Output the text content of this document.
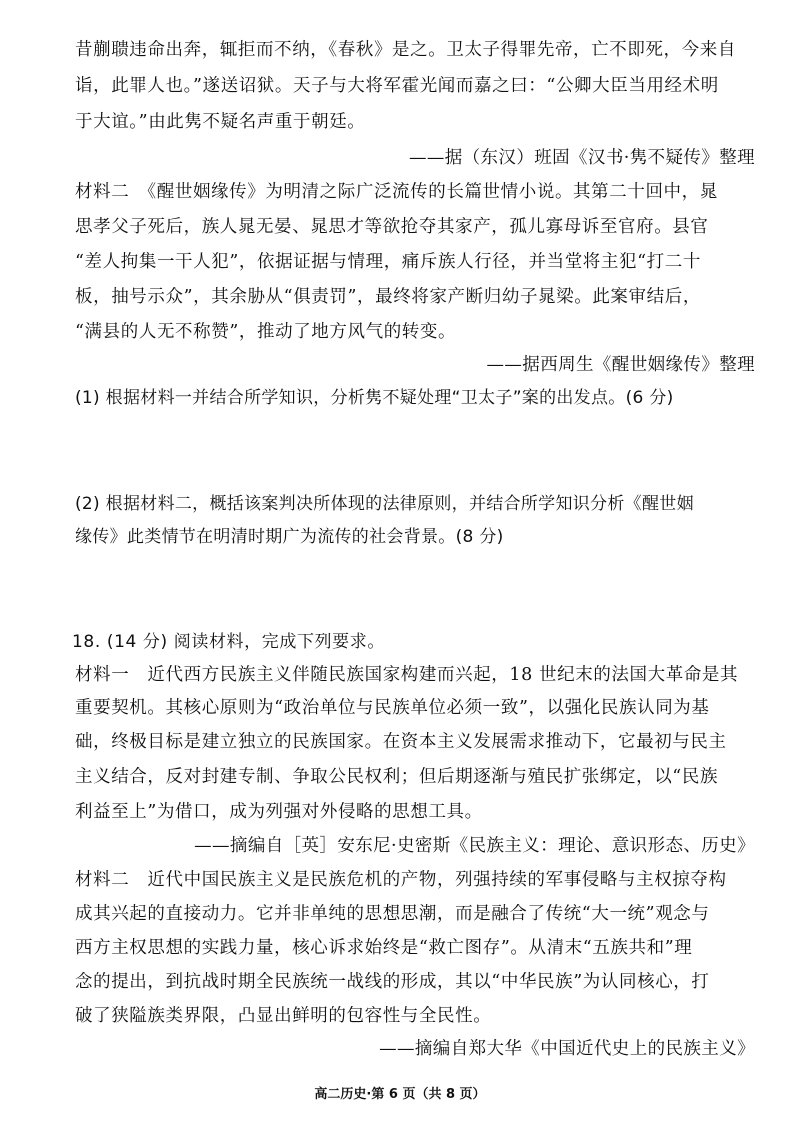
昔蒯聩违命出奔，辄拒而不纳，《春秋》是之。卫太子得罪先帝，亡不即死，今来自
诣，此罪人也。”遂送诏狱。天子与大将军霍光闻而嘉之曰：“公卿大臣当用经术明
于大谊。”由此隽不疑名声重于朝廷。
——据（东汉）班固《汉书·隽不疑传》整理
材料二　《醒世姻缘传》为明清之际广泛流传的长篇世情小说。其第二十回中，晁
思孝父子死后，族人晁无晏、晁思才等欲抢夺其家产，孤儿寡母诉至官府。县官
“差人拘集一干人犯”，依据证据与情理，痛斥族人行径，并当堂将主犯“打二十
板，抽号示众”，其余胁从“俱责罚”，最终将家产断归幼子晁梁。此案审结后，
“满县的人无不称赞”，推动了地方风气的转变。
——据西周生《醒世姻缘传》整理
(1) 根据材料一并结合所学知识，分析隽不疑处理“卫太子”案的出发点。(6 分)
(2) 根据材料二，概括该案判决所体现的法律原则，并结合所学知识分析《醒世姻
缘传》此类情节在明清时期广为流传的社会背景。(8 分)
18. (14 分) 阅读材料，完成下列要求。
材料一　近代西方民族主义伴随民族国家构建而兴起，18 世纪末的法国大革命是其
重要契机。其核心原则为“政治单位与民族单位必须一致”，以强化民族认同为基
础，终极目标是建立独立的民族国家。在资本主义发展需求推动下，它最初与民主
主义结合，反对封建专制、争取公民权利；但后期逐渐与殖民扩张绑定，以“民族
利益至上”为借口，成为列强对外侵略的思想工具。
——摘编自［英］安东尼·史密斯《民族主义：理论、意识形态、历史》
材料二　近代中国民族主义是民族危机的产物，列强持续的军事侵略与主权掠夺构
成其兴起的直接动力。它并非单纯的思想思潮，而是融合了传统“大一统”观念与
西方主权思想的实践力量，核心诉求始终是“救亡图存”。从清末“五族共和”理
念的提出，到抗战时期全民族统一战线的形成，其以“中华民族”为认同核心，打
破了狭隘族类界限，凸显出鲜明的包容性与全民性。
——摘编自郑大华《中国近代史上的民族主义》
高二历史·第 6 页（共 8 页）
